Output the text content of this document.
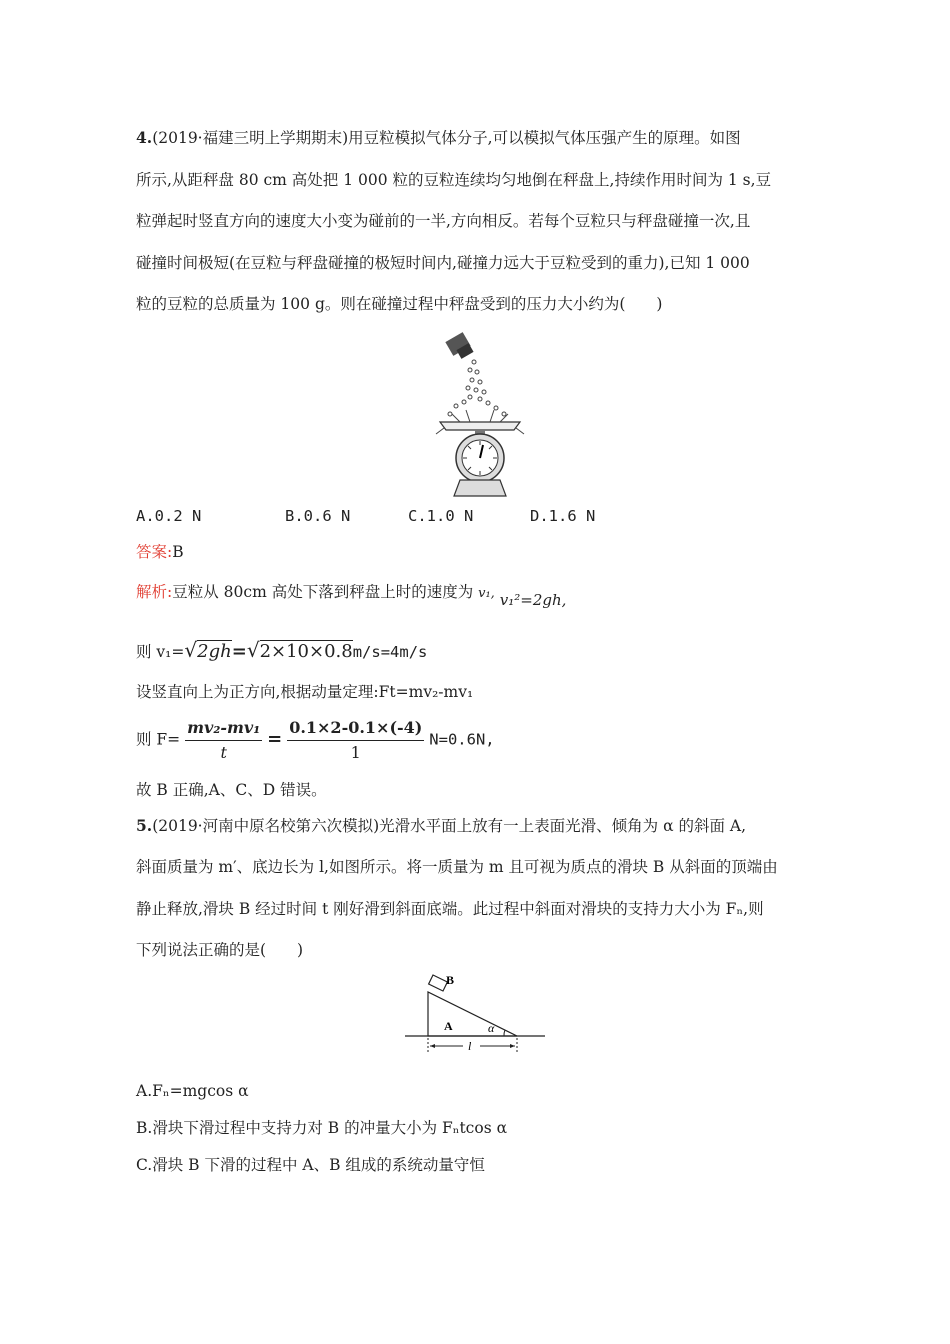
4.(2019·福建三明上学期期末)用豆粒模拟气体分子,可以模拟气体压强产生的原理。如图
所示,从距秤盘 80 cm 高处把 1 000 粒的豆粒连续均匀地倒在秤盘上,持续作用时间为 1 s,豆
粒弹起时竖直方向的速度大小变为碰前的一半,方向相反。若每个豆粒只与秤盘碰撞一次,且
碰撞时间极短(在豆粒与秤盘碰撞的极短时间内,碰撞力远大于豆粒受到的重力),已知 1 000
粒的豆粒的总质量为 100 g。则在碰撞过程中秤盘受到的压力大小约为(　　)
A.0.2 N	B.0.6 N	C.1.0 N	D.1.6 N
答案:B
解析:豆粒从 80cm 高处下落到秤盘上时的速度为 v₁, v₁²=2gh,
则 v₁=√2gh=√2×10×0.8m/s=4m/s
设竖直向上为正方向,根据动量定理:Ft=mv₂-mv₁
则 $F= \frac{\text{mv₂-mv₁}}{t} = \frac{0.1\times 2-0.1\times(-4)}{1} N=0.6N$,
故 B 正确,A、C、D 错误。
5.(2019·河南中原名校第六次模拟)光滑水平面上放有一上表面光滑、倾角为 α 的斜面 A,
斜面质量为 m′、底边长为 l,如图所示。将一质量为 m 且可视为质点的滑块 B 从斜面的顶端由
静止释放,滑块 B 经过时间 t 刚好滑到斜面底端。此过程中斜面对滑块的支持力大小为 Fₙ,则
下列说法正确的是(　　)
B
A	α
l
A.Fₙ=mgcos α
B.滑块下滑过程中支持力对 B 的冲量大小为 Fₙtcos α
C.滑块 B 下滑的过程中 A、B 组成的系统动量守恒
